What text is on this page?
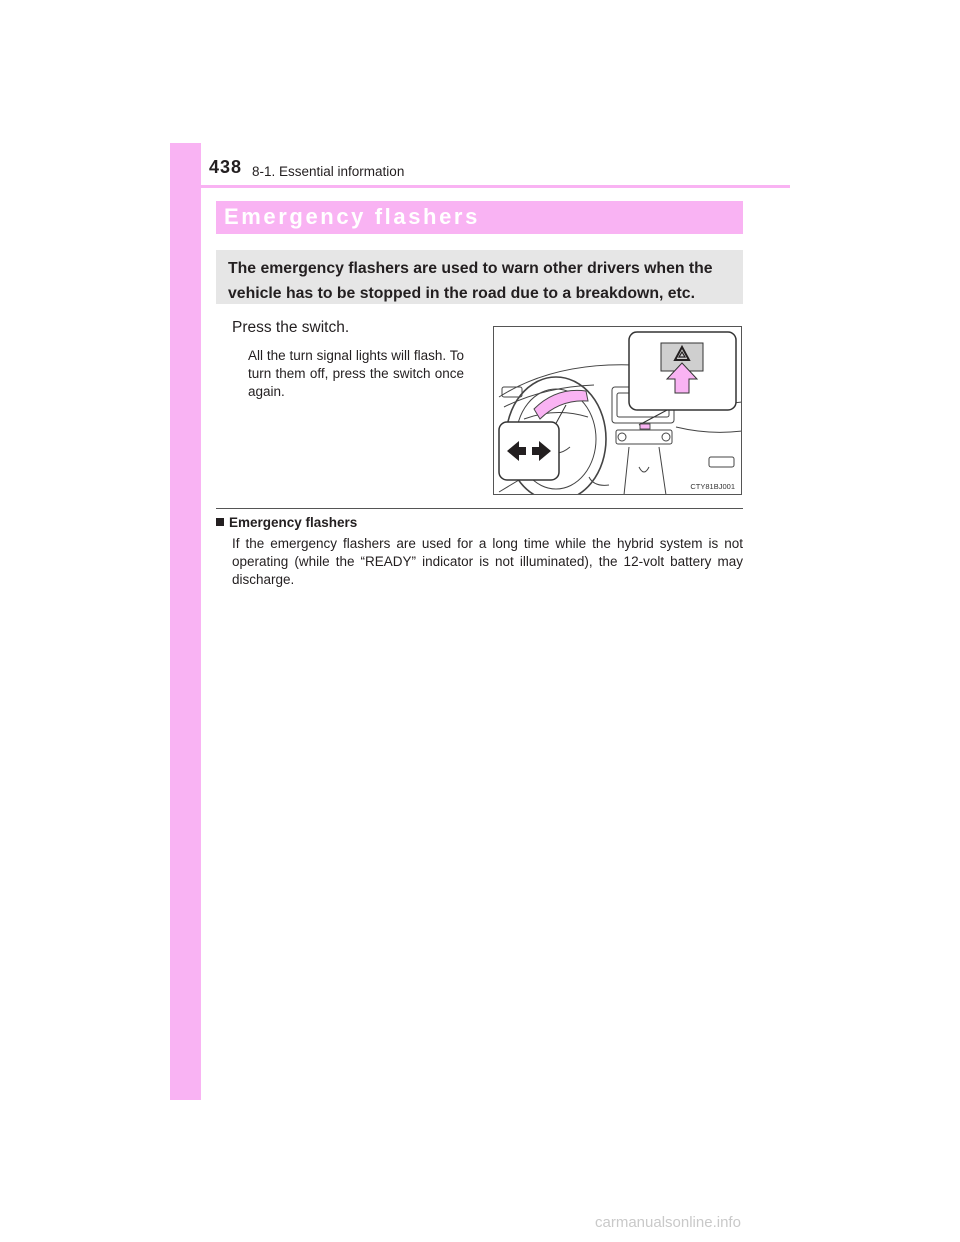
438 8-1. Essential information
Emergency flashers

The emergency flashers are used to warn other drivers when the vehicle has to be stopped in the road due to a breakdown, etc.

Press the switch.

All the turn signal lights will flash. To turn them off, press the switch once again.

CTY81BJ001
Emergency flashers

If the emergency flashers are used for a long time while the hybrid system is not operating (while the “READY” indicator is not illuminated), the 12-volt battery may discharge.

carmanualsonline.info
